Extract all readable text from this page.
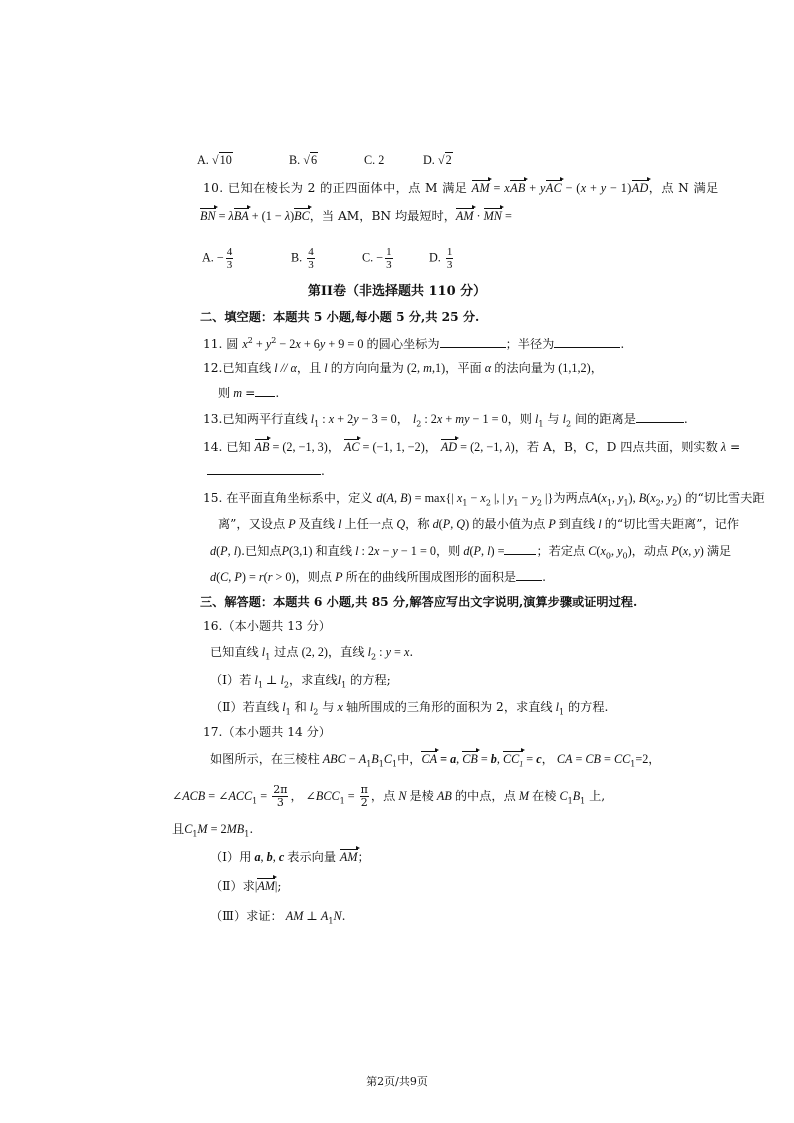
A. √10	B. √6	C. 2	D. √2
10. 已知在棱长为 2 的正四面体中，点 M 满足 AM = xAB + yAC − (x + y − 1)AD，点 N 满足
BN = λBA + (1 − λ)BC，当 AM，BN 均最短时，AM · MN =
A. − $\frac{4}{3}$	B. $\frac{4}{3}$	C. − $\frac{1}{3}$	D. $\frac{1}{3}$
第II卷（非选择题共 110 分）
二、填空题：本题共 5 小题,每小题 5 分,共 25 分.
11. 圆 $x^2 + y^2 - 2x + 6y + 9 = 0$ 的圆心坐标为	；半径为	.
12.已知直线 l // α，且 l 的方向向量为 (2, m,1)，平面 α 的法向量为 (1,1,2)，
则 m = .
13.已知两平行直线 $l_1$ : x + 2y − 3 = 0， $l_2$ : 2x + my − 1 = 0，则 $l_1$ 与 $l_2$ 间的距离是	.
14. 已知 AB = (2, −1, 3)， AC = (−1, 1, −2)， AD = (2, −1, λ)，若 A，B，C，D 四点共面，则实数 λ =
.
15. 在平面直角坐标系中，定义 d(A, B) = max{| $x_1 - x_2$ |, | $y_1 - y_2$ |}为两点$A(x_1$, $y_1$), $B(x_2$, $y_2$) 的“切比雪夫距
离”，又设点 P 及直线 l 上任一点 Q，称 d(P, Q) 的最小值为点 P 到直线 l 的“切比雪夫距离”，记作
d(P, l).已知点P(3,1) 和直线 l : 2x − y − 1 = 0，则 d(P, l) =	；若定点 $C(x_0$, $y_0$)，动点 P(x, y) 满足
d(C, P) = r(r > 0)，则点 P 所在的曲线所围成图形的面积是 .
三、解答题：本题共 6 小题,共 85 分,解答应写出文字说明,演算步骤或证明过程.
16.（本小题共 13 分）
已知直线 $l_1$ 过点 (2, 2)，直线 $l_2$ : y = x.
（Ⅰ）若 $l_1$ ⊥ $l_2$，求直线$l_1$ 的方程;
（Ⅱ）若直线 $l_1$ 和 $l_2$ 与 x 轴所围成的三角形的面积为 2，求直线 $l_1$ 的方程.
17.（本小题共 14 分）
如图所示，在三棱柱 ABC − $A_1B_1C_1$中，CA = a, CB = b, $CC_1 = c$， CA = CB = $CC_1=2$，
∠ACB = $\angle ACC_1 = \frac{2\pi}{3}$ ， $\angle BCC_1 = \frac{\pi}{2}$ ，点 N 是棱 AB 的中点，点 M 在棱 $C_1B_1$ 上,
且$C_1M = 2MB_1$.
（Ⅰ）用 a, b, c 表示向量 AM；
（Ⅱ）求|AM|;
（Ⅲ）求证： AM ⊥ $A_1N$.
第2页/共9页
